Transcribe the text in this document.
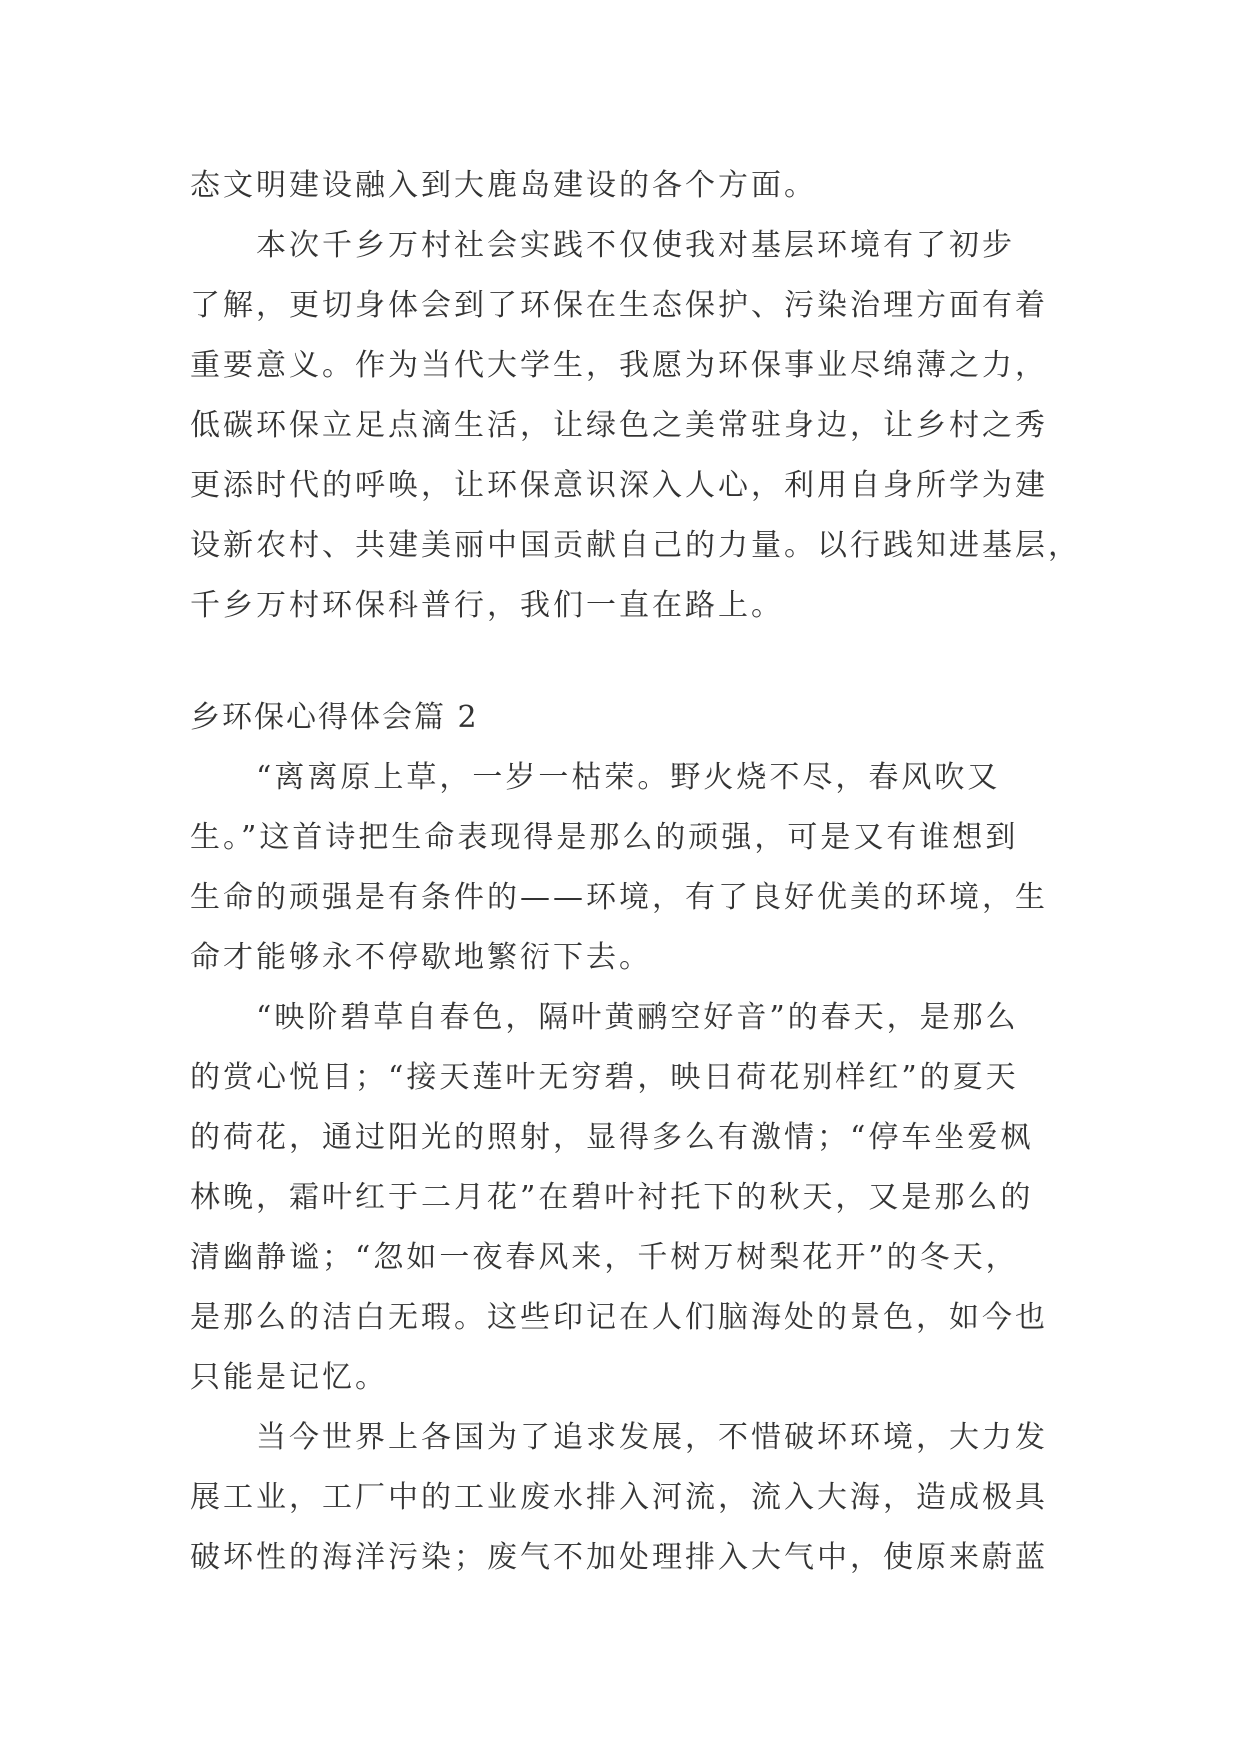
态文明建设融入到大鹿岛建设的各个方面。
　　本次千乡万村社会实践不仅使我对基层环境有了初步
了解，更切身体会到了环保在生态保护、污染治理方面有着
重要意义。作为当代大学生，我愿为环保事业尽绵薄之力，
低碳环保立足点滴生活，让绿色之美常驻身边，让乡村之秀
更添时代的呼唤，让环保意识深入人心，利用自身所学为建
设新农村、共建美丽中国贡献自己的力量。以行践知进基层，
千乡万村环保科普行，我们一直在路上。
乡环保心得体会篇 2
　　“离离原上草，一岁一枯荣。野火烧不尽，春风吹又
生。”这首诗把生命表现得是那么的顽强，可是又有谁想到
生命的顽强是有条件的——环境，有了良好优美的环境，生
命才能够永不停歇地繁衍下去。
　　“映阶碧草自春色，隔叶黄鹂空好音”的春天，是那么
的赏心悦目；“接天莲叶无穷碧，映日荷花别样红”的夏天
的荷花，通过阳光的照射，显得多么有激情；“停车坐爱枫
林晚，霜叶红于二月花”在碧叶衬托下的秋天，又是那么的
清幽静谧；“忽如一夜春风来，千树万树梨花开”的冬天，
是那么的洁白无瑕。这些印记在人们脑海处的景色，如今也
只能是记忆。
　　当今世界上各国为了追求发展，不惜破坏环境，大力发
展工业，工厂中的工业废水排入河流，流入大海，造成极具
破坏性的海洋污染；废气不加处理排入大气中，使原来蔚蓝
